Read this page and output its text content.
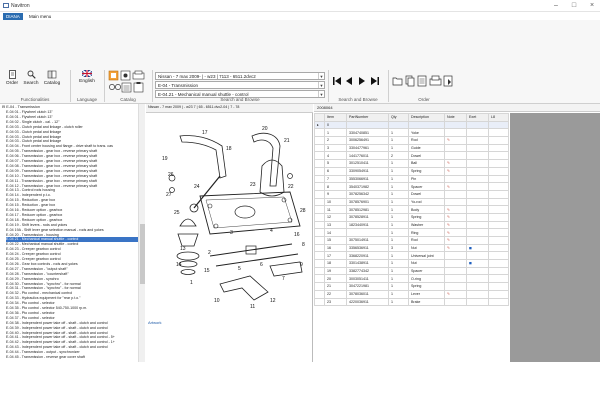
Navitron	–	□	×
DIANA	Main menu
Order	Search	Catalog
Functionalities
English
Language	Catalog
Nissan - 7 max 2009- | - w23 | 7113 - 6511.2dvc2	▼
E-04 - Transmission	▼
E-04.21 - Mechanical manual shuttle - control	▼
Search and Browse	Search and Browse	Order
⊟ E-04 - Transmission
E-04 01 - Flywheel clutch 13"
E-04 01 - Flywheel clutch 13"
E-04 02 - Single clutch - cal. - 12"
E-04 03 - Clutch pedal and linkage - clutch roller
E-04 03 - Clutch pedal and linkage
E-04 03 - Clutch pedal and linkage
E-04 03 - Clutch pedal and linkage
E-04 04 - Front center housing and flange - drive shaft to trans. cas
E-04 05 - Transmission - gear box - reverse primary shaft
E-04 06 - Transmission - gear box - reverse primary shaft
E-04 07 - Transmission - gear box - reverse primary shaft
E-04 08 - Transmission - gear box - reverse primary shaft
E-04 09 - Transmission - gear box - reverse primary shaft
E-04 10 - Transmission - gear box - reverse primary shaft
E-04 11 - Transmission - gear box - reverse primary shaft
E-04 12 - Transmission - gear box - reverse primary shaft
E-04 13 - Control rods housing
E-04 14 - Independent p.t.o.
E-04 15 - Reduction - gear box
E-04 15 - Reduction - gear box
E-04 16 - Reducer option - gearbox
E-04 17 - Reducer option - gearbox
E-04 18 - Reducer option - gearbox
E-04 19 - Shift levers - rods and yokes
E-04 19A - Shift lever gear selection manual - rods and yokes
E-04 20 - Transmission - housing
E-04 21 - Mechanical manual shuttle - control
E-04 22 - Mechanical manual shuttle - control
E-04 23 - Creeper gearbox control
E-04 24 - Creeper gearbox control
E-04 25 - Creeper gearbox control
E-04 26 - Gear box controls - rods and yokes
E-04 27 - Transmission - "output shaft"
E-04 28 - Transmission - "countershaft"
E-04 29 - Transmission - synchro
E-04 30 - Transmission - "synchro" - for normal
E-04 31 - Transmission - "synchro" - for normal
E-04 32 - Pto control - mechanical control
E-04 33 - Hydraulics equipment for "rear p.t.o."
E-04 34 - Pto control - selector
E-04 35 - Pto control - selector 540-750-1000 rp.m.
E-04 36 - Pto control - selector
E-04 37 - Pto control - selector
E-04 38 - Independent power take off - shaft - clutch and control
E-04 39 - Independent power take off - shaft - clutch and control
E-04 40 - Independent power take off - shaft - clutch and control
E-04 41 - Independent power take off - shaft - clutch and control - 5+
E-04 42 - Independent power take off - shaft - clutch and control - 1+
E-04 43 - Independent power take off - shaft - clutch and control
E-04 44 - Transmission - output - synchronizer
E-04 45 - Transmission - reverse gear cover shaft
Nissan - 7 max 2009 | - w23 7 | 65 - 6511.dvc2-04 | 7 - 78
17
18
19
20
21
22
23
24
25
26
27
28
1
2
3	4
5
6
7
8
9
10
11
12
13
14
15
16
Artwork
2008064
	Item	PartNumber	Qty	Description	Note	Exet	L8
▸	0						
	1	3304740851	1	Yoke			
	2	3006256491	1	Rod	✎		
	3	3304477961	1	Guide			
	4	1441776011	2	Dowel			
	5	3012510411	1	Ball	✎		
	6	3309054911	1	Spring	✎		
	7	3553066911	1	Pin			
	8	3540371982	1	Spacer	✎		
	9	3078256342	1	Dowel			
	10	3078576901	1	Yo-rod			
	11	3078512981	1	Body	✎		
	12	3078528911	1	Spring	✎		
	13	1823440911	1	Washer	✎		
	14		1	Ring	✎		
	15	3075014911	1	Rod	✎		
	16	3356536911	3	Nut	✎	◼	
	17	3368220911	1	Universal joint			
	18	3301438911	1	Nut		◼	
	19	3382774342	1	Spacer			
	20	3003051411	1	O-ring			
	21	3047221981	1	Spring			
	22	3078036011	1	Lever	✎		
	23	4220036911	1	Brake			
